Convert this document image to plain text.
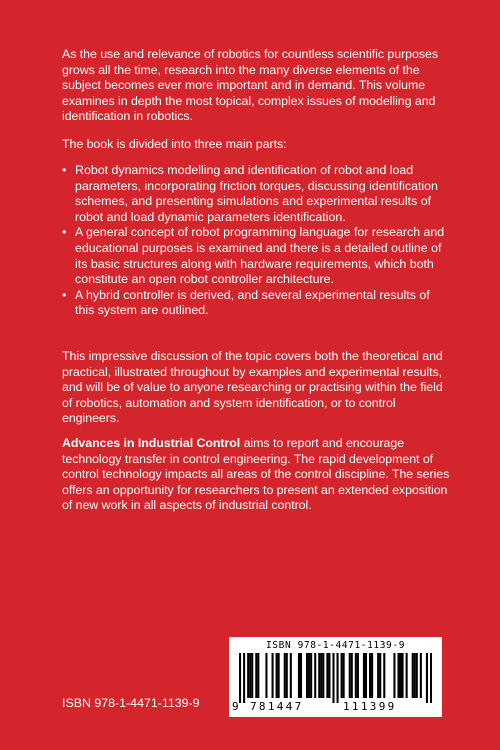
As the use and relevance of robotics for countless scientific purposes grows all the time, research into the many diverse elements of the subject becomes ever more important and in demand. This volume examines in depth the most topical, complex issues of modelling and identification in robotics.

The book is divided into three main parts:

• Robot dynamics modelling and identification of robot and load parameters, incorporating friction torques, discussing identification schemes, and presenting simulations and experimental results of robot and load dynamic parameters identification.
• A general concept of robot programming language for research and educational purposes is examined and there is a detailed outline of its basic structures along with hardware requirements, which both constitute an open robot controller architecture.
• A hybrid controller is derived, and several experimental results of this system are outlined.

This impressive discussion of the topic covers both the theoretical and practical, illustrated throughout by examples and experimental results, and will be of value to anyone researching or practising within the field of robotics, automation and system identification, or to control engineers.

Advances in Industrial Control aims to report and encourage technology transfer in control engineering. The rapid development of control technology impacts all areas of the control discipline. The series offers an opportunity for researchers to present an extended exposition of new work in all aspects of industrial control.

ISBN 978-1-4471-1139-9
ISBN 978-1-4471-1139-9
9 781447	111399
